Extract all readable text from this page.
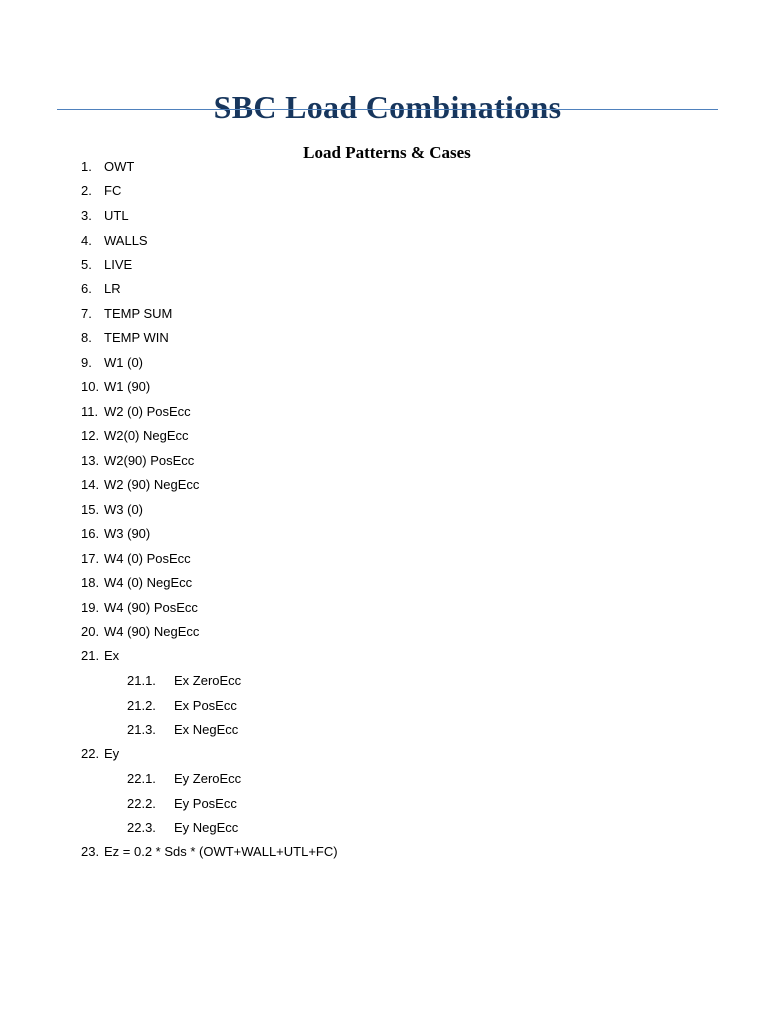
SBC Load Combinations
Load Patterns & Cases
1. OWT
2. FC
3. UTL
4. WALLS
5. LIVE
6. LR
7. TEMP SUM
8. TEMP WIN
9. W1 (0)
10. W1 (90)
11. W2 (0) PosEcc
12. W2(0) NegEcc
13. W2(90) PosEcc
14. W2 (90) NegEcc
15. W3 (0)
16. W3 (90)
17. W4 (0) PosEcc
18. W4 (0) NegEcc
19. W4 (90) PosEcc
20. W4 (90) NegEcc
21. Ex
21.1. Ex ZeroEcc
21.2. Ex PosEcc
21.3. Ex NegEcc
22. Ey
22.1. Ey ZeroEcc
22.2. Ey PosEcc
22.3. Ey NegEcc
23. Ez = 0.2 * Sds * (OWT+WALL+UTL+FC)
